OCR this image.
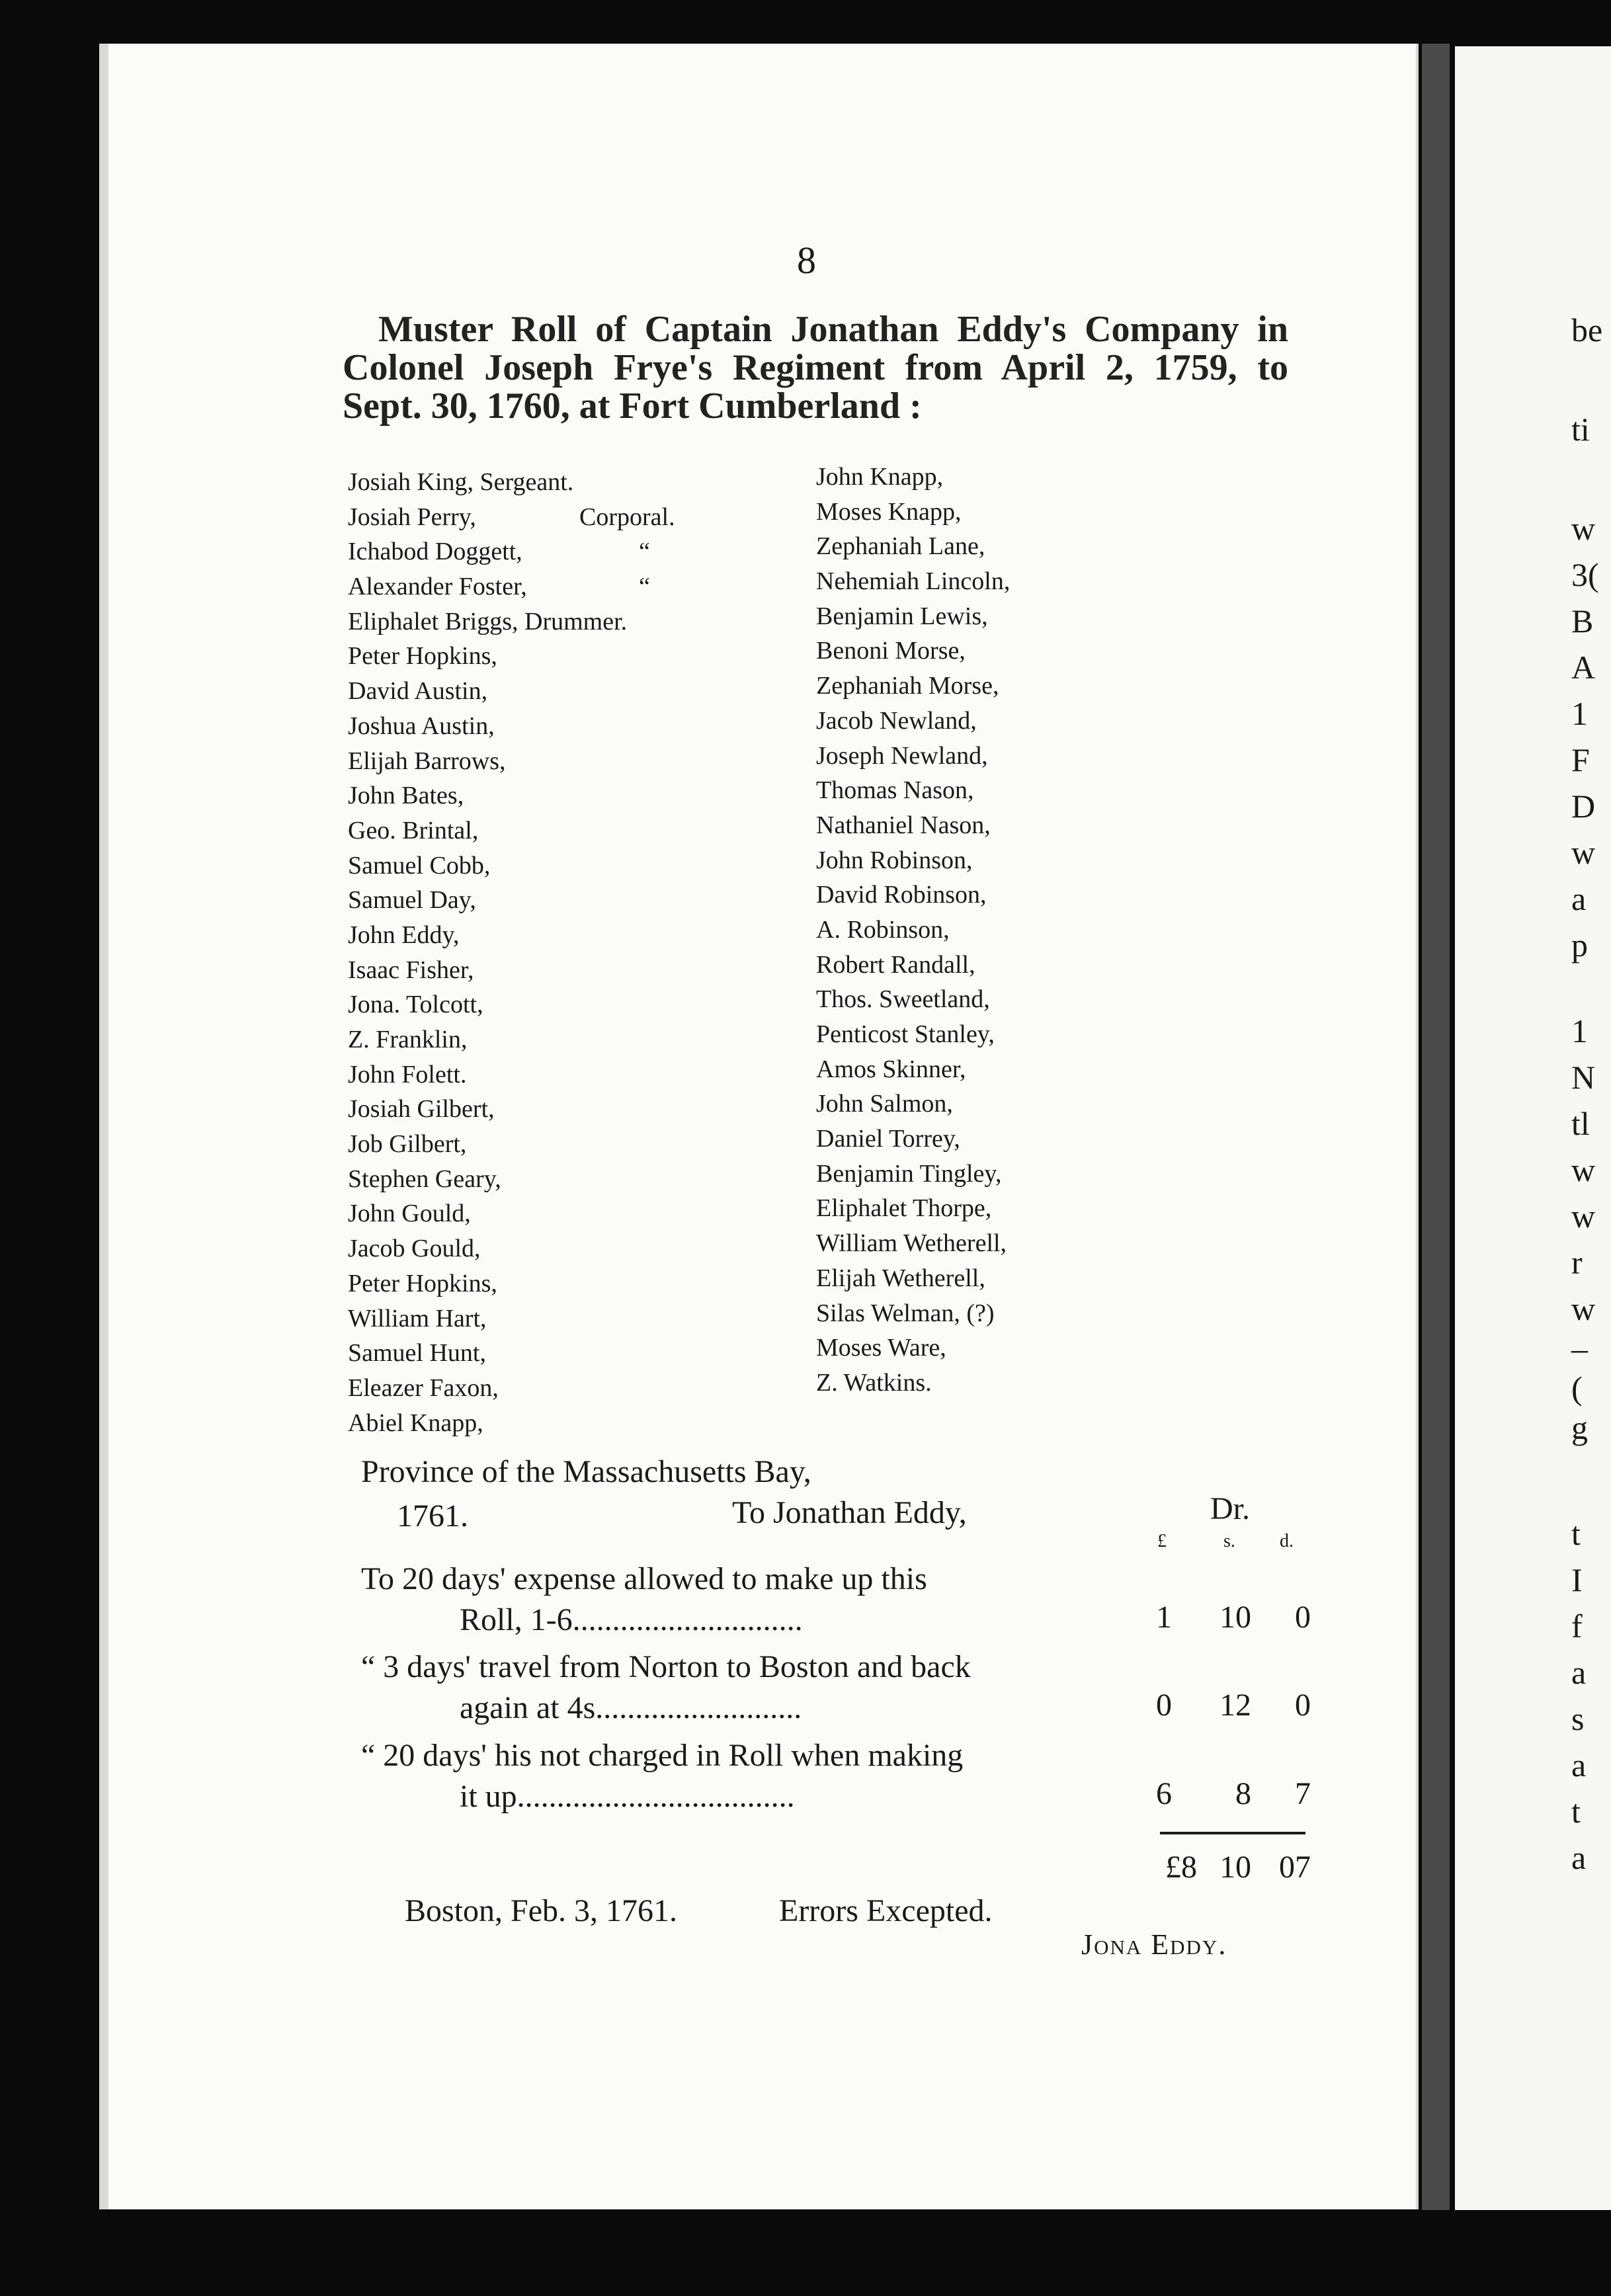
be
ti
w
3(
B
A
1
F
D
w
a
p
1
N
tl
w
w
r
w
–
(
g
t
I
f
a
s
a
t
a
8
Muster Roll of Captain Jonathan Eddy's Company in
Colonel Joseph Frye's Regiment from April 2, 1759, to
Sept. 30, 1760, at Fort Cumberland :
Josiah King, Sergeant.
Josiah Perry,	Corporal.
Ichabod Doggett,	“
Alexander Foster,	“
Eliphalet Briggs, Drummer.
Peter Hopkins,
David Austin,
Joshua Austin,
Elijah Barrows,
John Bates,
Geo. Brintal,
Samuel Cobb,
Samuel Day,
John Eddy,
Isaac Fisher,
Jona. Tolcott,
Z. Franklin,
John Folett.
Josiah Gilbert,
Job Gilbert,
Stephen Geary,
John Gould,
Jacob Gould,
Peter Hopkins,
William Hart,
Samuel Hunt,
Eleazer Faxon,
Abiel Knapp,
John Knapp,
Moses Knapp,
Zephaniah Lane,
Nehemiah Lincoln,
Benjamin Lewis,
Benoni Morse,
Zephaniah Morse,
Jacob Newland,
Joseph Newland,
Thomas Nason,
Nathaniel Nason,
John Robinson,
David Robinson,
A. Robinson,
Robert Randall,
Thos. Sweetland,
Penticost Stanley,
Amos Skinner,
John Salmon,
Daniel Torrey,
Benjamin Tingley,
Eliphalet Thorpe,
William Wetherell,
Elijah Wetherell,
Silas Welman, (?)
Moses Ware,
Z. Watkins.
Province of the Massachusetts Bay,
1761.	To Jonathan Eddy,	Dr.
£	s. d.
To 20 days' expense allowed to make up this
Roll, 1-6.............................	1	10	0
“ 3 days' travel from Norton to Boston and back
again at 4s..........................	0	12	0
“ 20 days' his not charged in Roll when making
it up...................................	6	8	7
£8 10 07
Boston, Feb. 3, 1761.	Errors Excepted.
Jona Eddy.
